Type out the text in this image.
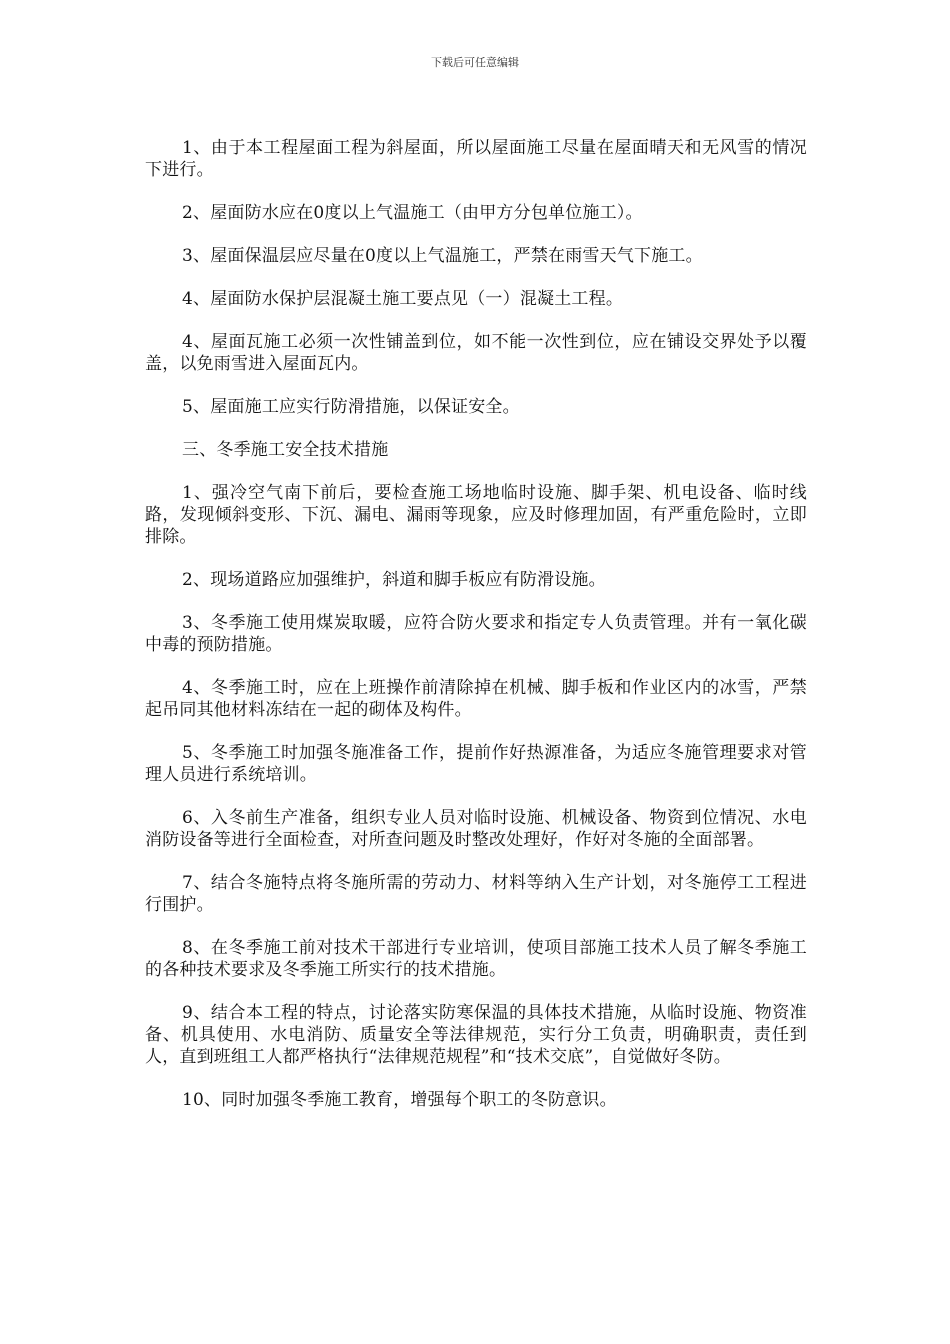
下载后可任意编辑

1、由于本工程屋面工程为斜屋面，所以屋面施工尽量在屋面晴天和无风雪的情况下进行。

2、屋面防水应在0度以上气温施工（由甲方分包单位施工）。

3、屋面保温层应尽量在0度以上气温施工，严禁在雨雪天气下施工。

4、屋面防水保护层混凝土施工要点见（一）混凝土工程。

4、屋面瓦施工必须一次性铺盖到位，如不能一次性到位，应在铺设交界处予以覆盖，以免雨雪进入屋面瓦内。

5、屋面施工应实行防滑措施，以保证安全。

三、冬季施工安全技术措施

1、强冷空气南下前后，要检查施工场地临时设施、脚手架、机电设备、临时线路，发现倾斜变形、下沉、漏电、漏雨等现象，应及时修理加固，有严重危险时，立即排除。

2、现场道路应加强维护，斜道和脚手板应有防滑设施。

3、冬季施工使用煤炭取暖，应符合防火要求和指定专人负责管理。并有一氧化碳中毒的预防措施。

4、冬季施工时，应在上班操作前清除掉在机械、脚手板和作业区内的冰雪，严禁起吊同其他材料冻结在一起的砌体及构件。

5、冬季施工时加强冬施准备工作，提前作好热源准备，为适应冬施管理要求对管理人员进行系统培训。

6、入冬前生产准备，组织专业人员对临时设施、机械设备、物资到位情况、水电消防设备等进行全面检查，对所查问题及时整改处理好，作好对冬施的全面部署。

7、结合冬施特点将冬施所需的劳动力、材料等纳入生产计划，对冬施停工工程进行围护。

8、在冬季施工前对技术干部进行专业培训，使项目部施工技术人员了解冬季施工的各种技术要求及冬季施工所实行的技术措施。

9、结合本工程的特点，讨论落实防寒保温的具体技术措施，从临时设施、物资准备、机具使用、水电消防、质量安全等法律规范，实行分工负责，明确职责，责任到人，直到班组工人都严格执行“法律规范规程”和“技术交底”，自觉做好冬防。

10、同时加强冬季施工教育，增强每个职工的冬防意识。
